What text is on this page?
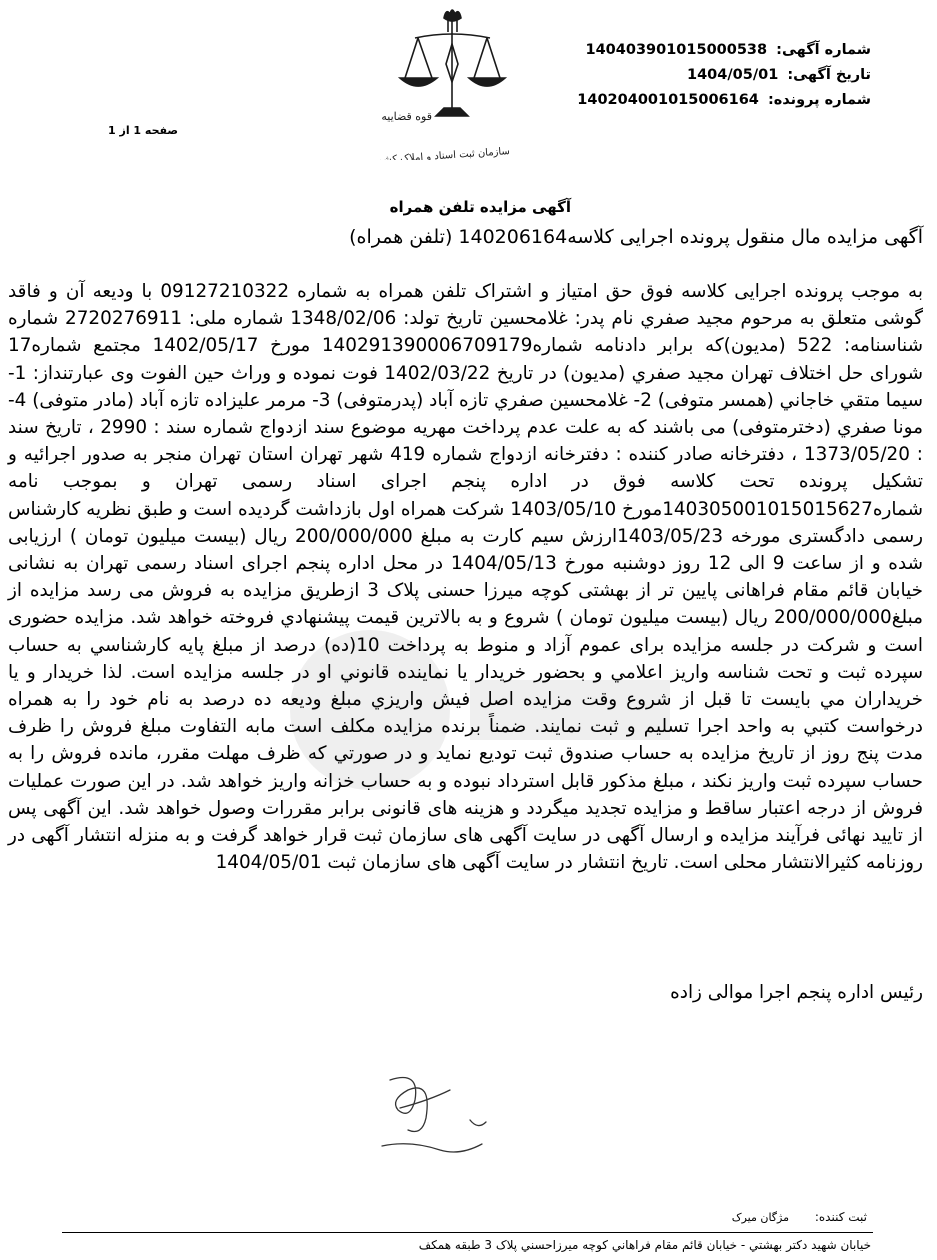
قوه قضاییه
سازمان ثبت اسناد و املاک کشور
شماره آگهی: 140403901015000538
تاریخ آگهی: 1404/05/01
شماره پرونده: 140204001015006164
صفحه 1 از 1
آگهی مزایده تلفن همراه
آگهی مزایده مال منقول پرونده اجرایی کلاسه140206164 (تلفن همراه)

به موجب پرونده اجرایی کلاسه فوق حق امتیاز و اشتراک تلفن همراه به شماره 09127210322 با ودیعه آن و فاقد گوشی متعلق به مرحوم مجید صفري نام پدر: غلامحسین تاریخ تولد: 1348/02/06 شماره ملی: 2720276911 شماره شناسنامه: 522 (مدیون)که برابر دادنامه شماره140291390006709179 مورخ 1402/05/17 مجتمع شماره17 شورای حل اختلاف تهران مجید صفري (مدیون) در تاریخ 1402/03/22 فوت نموده و وراث حین الفوت وی عبارتنداز: 1-سیما متقي خاجاني (همسر متوفی) 2- غلامحسین صفري تازه آباد (پدرمتوفی) 3- مرمر علیزاده تازه آباد (مادر متوفی) 4- مونا صفري (دخترمتوفی) می باشند که به علت عدم پرداخت مهریه موضوع سند ازدواج شماره سند : 2990 ، تاریخ سند : 1373/05/20 ، دفترخانه صادر کننده : دفترخانه ازدواج شماره 419 شهر تهران استان تهران منجر به صدور اجرائیه و تشکیل پرونده تحت کلاسه فوق در اداره پنجم اجرای اسناد رسمی تهران و بموجب نامه شماره140305001015015627مورخ 1403/05/10 شرکت همراه اول بازداشت گردیده است و طبق نظریه کارشناس رسمی دادگستری مورخه 1403/05/23ارزش سیم کارت به مبلغ 200/000/000 ریال (بیست میلیون تومان ) ارزیابی شده و از ساعت 9 الی 12 روز دوشنبه مورخ 1404/05/13 در محل اداره پنجم اجرای اسناد رسمی تهران به نشانی خیابان قائم مقام فراهانی پایین تر از بهشتی کوچه میرزا حسنی پلاک 3 ازطریق مزایده به فروش می رسد مزایده از مبلغ200/000/000 ریال (بیست میلیون تومان ) شروع و به بالاترین قیمت پیشنهادي فروخته خواهد شد. مزایده حضوری است و شرکت در جلسه مزایده برای عموم آزاد و منوط به پرداخت 10(ده) درصد از مبلغ پایه کارشناسي به حساب سپرده ثبت و تحت شناسه واریز اعلامي و بحضور خریدار یا نماینده قانوني او در جلسه مزایده است. لذا خریدار و یا خریداران مي بایست تا قبل از شروع وقت مزایده اصل فیش واریزي مبلغ ودیعه ده درصد به نام خود را به همراه درخواست کتبي به واحد اجرا تسلیم و ثبت نمایند. ضمناً برنده مزایده مکلف است مابه التفاوت مبلغ فروش را ظرف مدت پنج روز از تاریخ مزایده به حساب صندوق ثبت تودیع نماید و در صورتي که ظرف مهلت مقرر، مانده فروش را به حساب سپرده ثبت واریز نکند ، مبلغ مذکور قابل استرداد نبوده و به حساب خزانه واریز خواهد شد. در این صورت عملیات فروش از درجه اعتبار ساقط و مزایده تجدید میگردد و هزینه های قانونی برابر مقررات وصول خواهد شد. این آگهی پس از تایید نهائی فرآیند مزایده و ارسال آگهی در سایت آگهی های سازمان ثبت قرار خواهد گرفت و به منزله انتشار آگهی در روزنامه کثیرالانتشار محلی است. تاریخ انتشار در سایت آگهی های سازمان ثبت 1404/05/01

رئیس اداره پنجم اجرا موالی زاده
ثبت کننده: مژگان میرک
خیابان شهید دکتر بهشتي - خیابان قائم مقام فراهاني کوچه میرزاحسني پلاک 3 طبقه همکف
